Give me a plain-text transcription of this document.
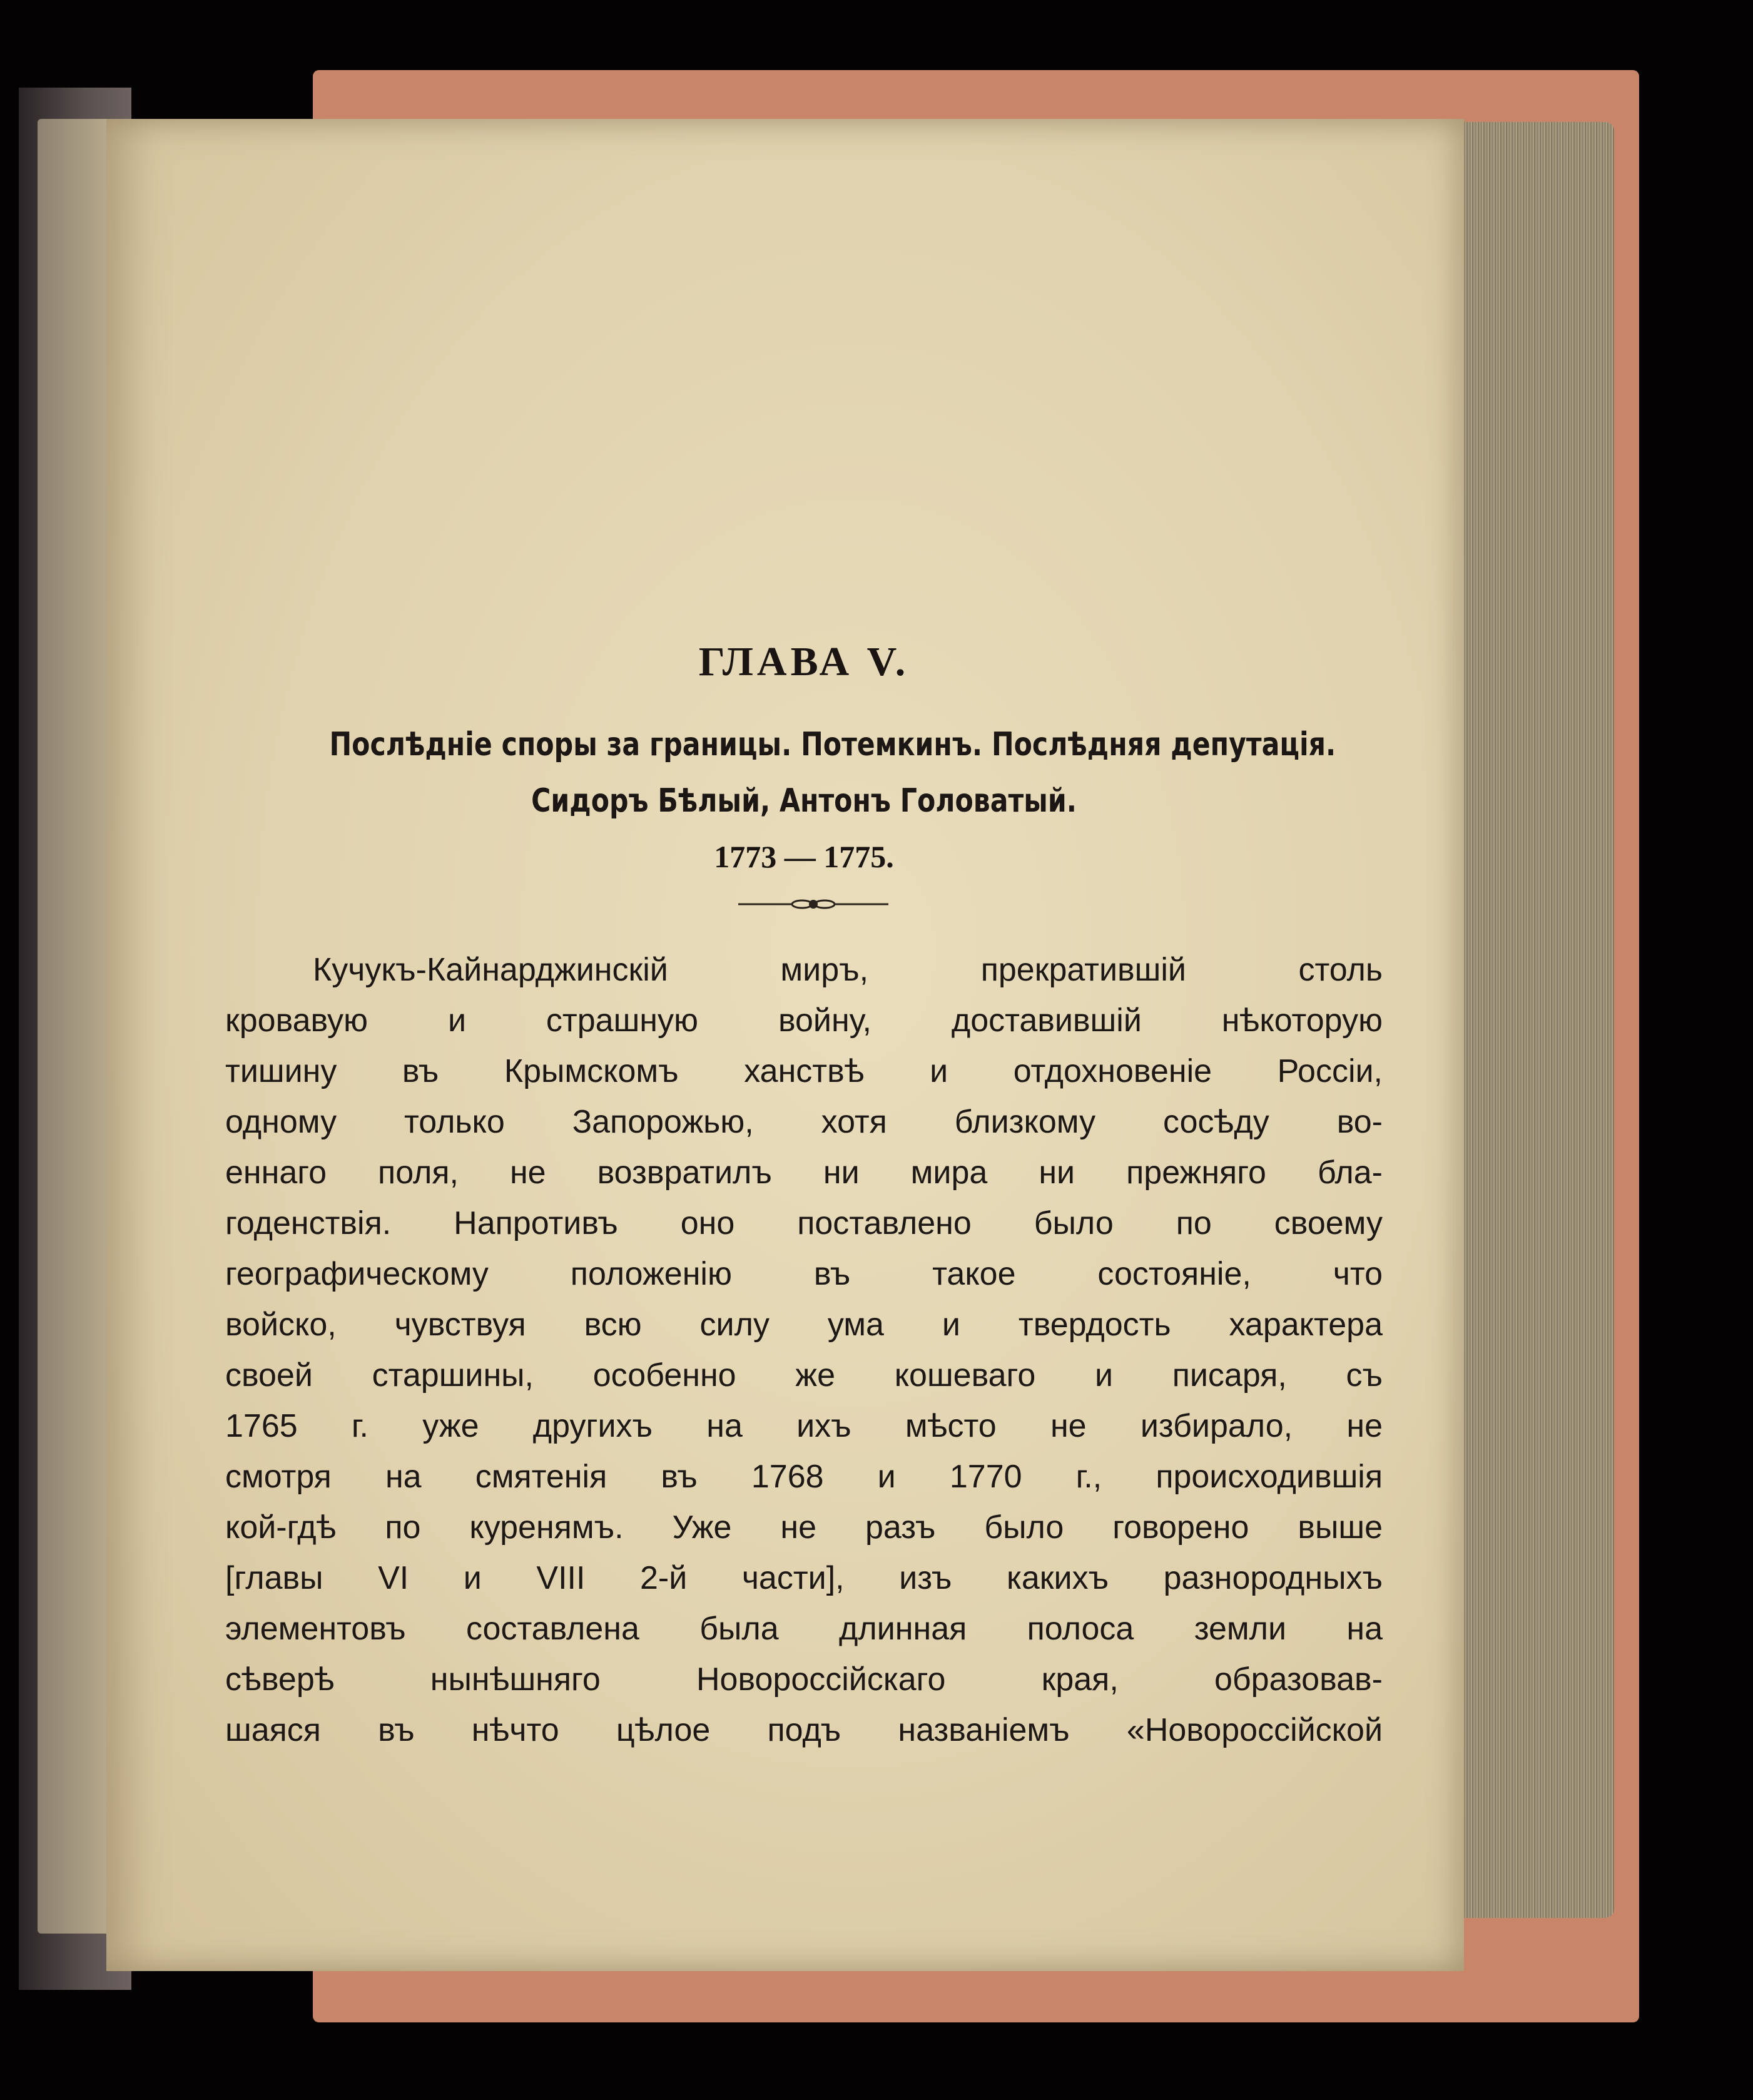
ГЛАВА V.
Послѣдніе споры за границы. Потемкинъ. Послѣдняя депутація.
Сидоръ Бѣлый, Антонъ Головатый.
1773 — 1775.
Кучукъ-Кайнарджинскій миръ, прекратившій столь
кровавую и страшную войну, доставившій нѣкоторую
тишину въ Крымскомъ ханствѣ и отдохновеніе Россіи,
одному только Запорожью, хотя близкому сосѣду во-
еннаго поля, не возвратилъ ни мира ни прежняго бла-
годенствія. Напротивъ оно поставлено было по своему
географическому положенію въ такое состояніе, что
войско, чувствуя всю силу ума и твердость характера
своей старшины, особенно же кошеваго и писаря, съ
1765 г. уже другихъ на ихъ мѣсто не избирало, не
смотря на смятенія въ 1768 и 1770 г., происходившія
кой-гдѣ по куренямъ. Уже не разъ было говорено выше
[главы VI и VIII 2-й части], изъ какихъ разнородныхъ
элементовъ составлена была длинная полоса земли на
сѣверѣ нынѣшняго Новороссійскаго края, образовав-
шаяся въ нѣчто цѣлое подъ названіемъ «Новороссійской
